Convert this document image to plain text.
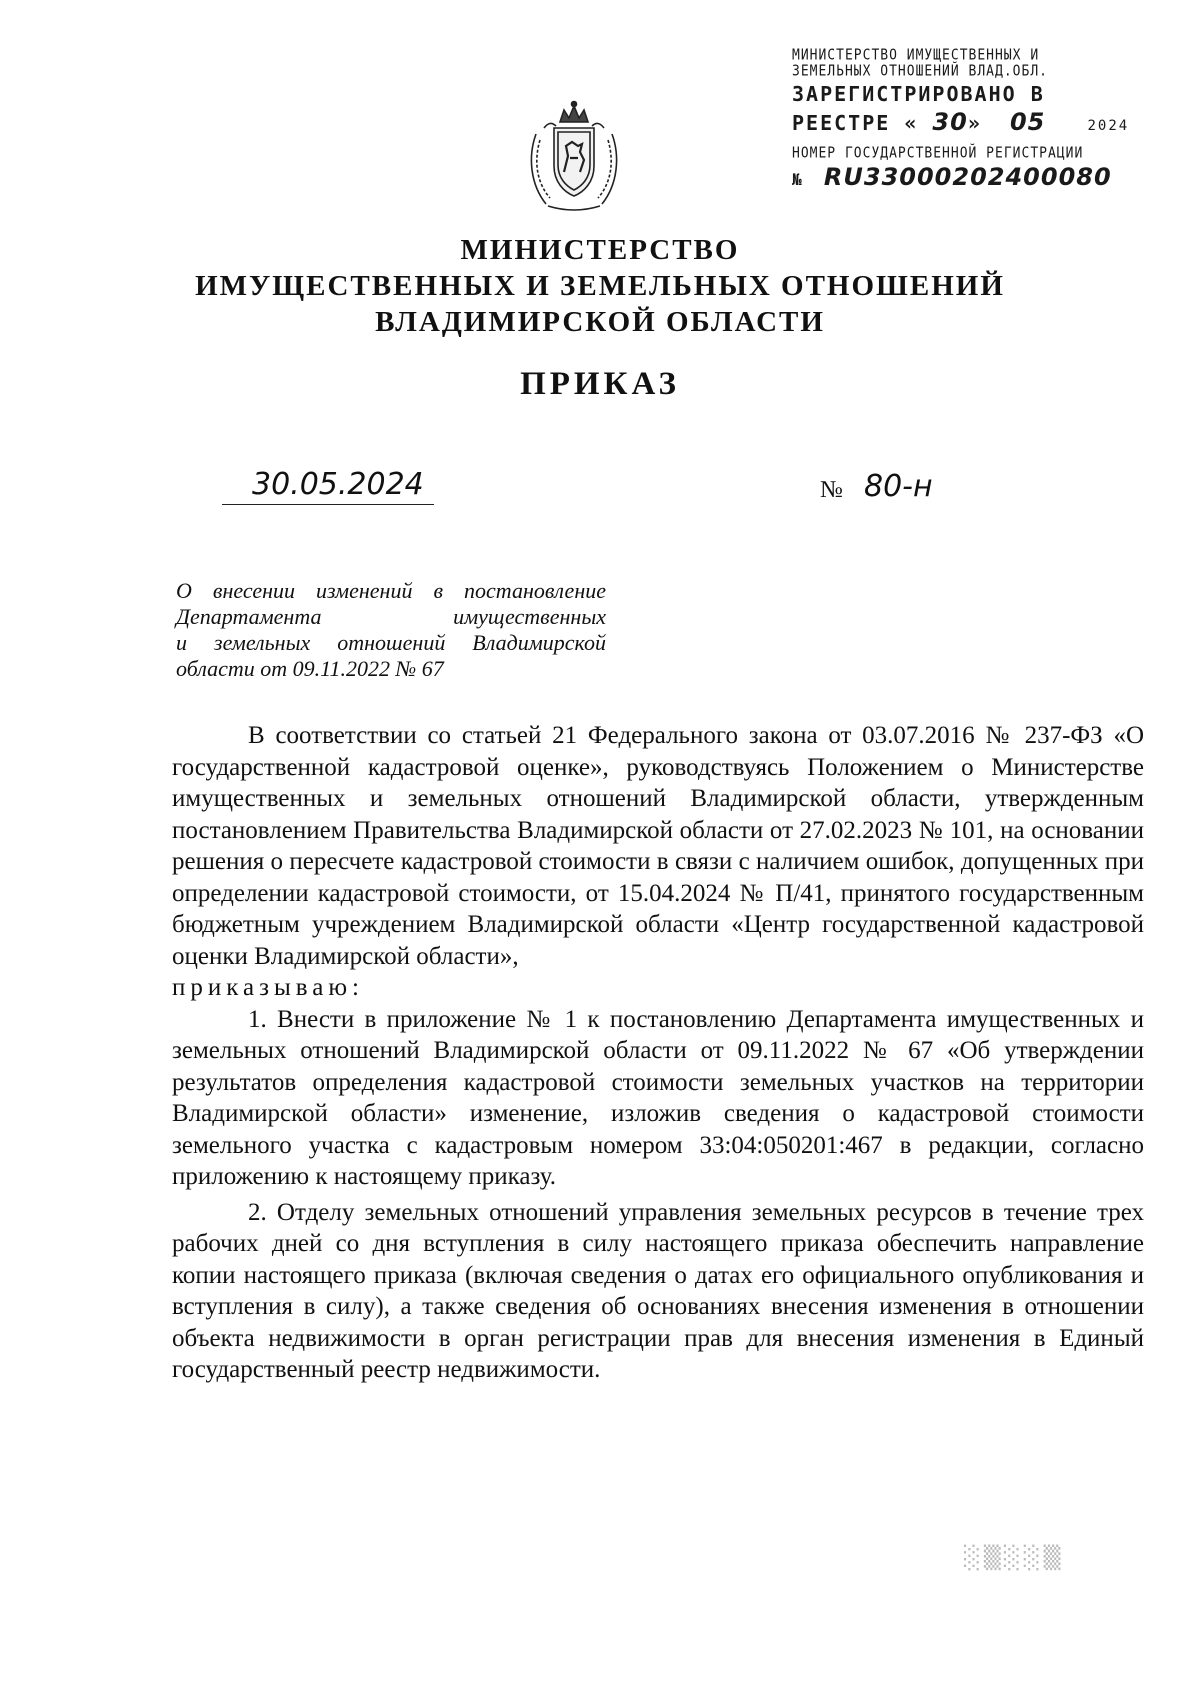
МИНИСТЕРСТВО ИМУЩЕСТВЕННЫХ И
ЗЕМЕЛЬНЫХ ОТНОШЕНИЙ ВЛАД.ОБЛ.
ЗАРЕГИСТРИРОВАНО В
РЕЕСТРЕ « 30» 05	2024
НОМЕР ГОСУДАРСТВЕННОЙ РЕГИСТРАЦИИ
№ RU33000202400080
МИНИСТЕРСТВО
ИМУЩЕСТВЕННЫХ И ЗЕМЕЛЬНЫХ ОТНОШЕНИЙ
ВЛАДИМИРСКОЙ ОБЛАСТИ
ПРИКАЗ
30.05.2024	№ 80-н
О внесении изменений в постановление
Департамента имущественных
и земельных отношений Владимирской
области от 09.11.2022 № 67

В соответствии со статьей 21 Федерального закона от 03.07.2016 № 237-ФЗ «О государственной кадастровой оценке», руководствуясь Положением о Министерстве имущественных и земельных отношений Владимирской области, утвержденным постановлением Правительства Владимирской области от 27.02.2023 № 101, на основании решения о пересчете кадастровой стоимости в связи с наличием ошибок, допущенных при определении кадастровой стоимости, от 15.04.2024 № П/41, принятого государственным бюджетным учреждением Владимирской области «Центр государственной кадастровой оценки Владимирской области»,

приказываю:

1. Внести в приложение № 1 к постановлению Департамента имущественных и земельных отношений Владимирской области от 09.11.2022 № 67 «Об утверждении результатов определения кадастровой стоимости земельных участков на территории Владимирской области» изменение, изложив сведения о кадастровой стоимости земельного участка с кадастровым номером 33:04:050201:467 в редакции, согласно приложению к настоящему приказу.

2. Отделу земельных отношений управления земельных ресурсов в течение трех рабочих дней со дня вступления в силу настоящего приказа обеспечить направление копии настоящего приказа (включая сведения о датах его официального опубликования и вступления в силу), а также сведения об основаниях внесения изменения в отношении объекта недвижимости в орган регистрации прав для внесения изменения в Единый государственный реестр недвижимости.

░▒░░▒
